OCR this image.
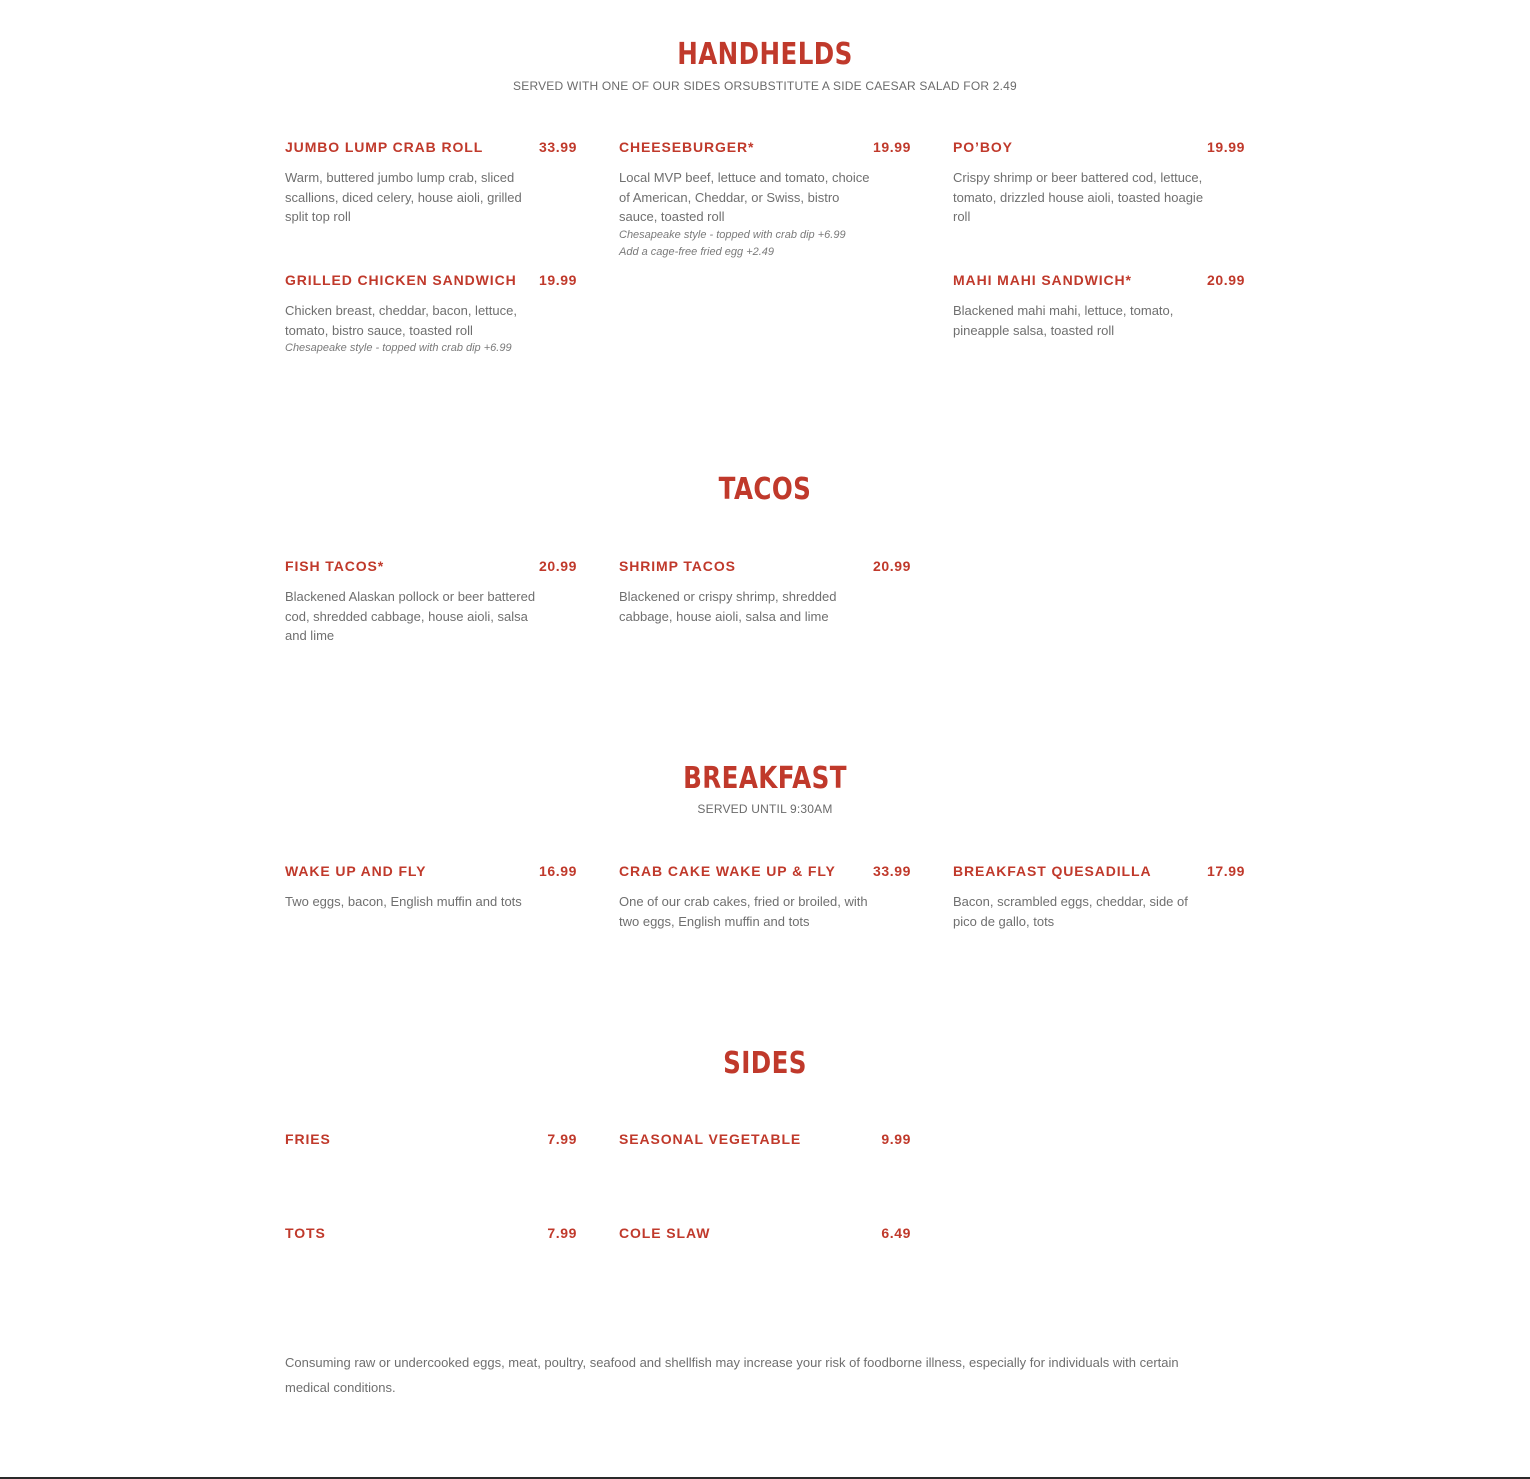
HANDHELDS
SERVED WITH ONE OF OUR SIDES ORSUBSTITUTE A SIDE CAESAR SALAD FOR 2.49
JUMBO LUMP CRAB ROLL	33.99
Warm, buttered jumbo lump crab, sliced scallions, diced celery, house aioli, grilled split top roll
CHEESEBURGER*	19.99
Local MVP beef, lettuce and tomato, choice of American, Cheddar, or Swiss, bistro sauce, toasted roll
Chesapeake style - topped with crab dip +6.99
Add a cage-free fried egg +2.49
PO’BOY	19.99
Crispy shrimp or beer battered cod, lettuce, tomato, drizzled house aioli, toasted hoagie roll
GRILLED CHICKEN SANDWICH 19.99
Chicken breast, cheddar, bacon, lettuce, tomato, bistro sauce, toasted roll
Chesapeake style - topped with crab dip +6.99
MAHI MAHI SANDWICH*	20.99
Blackened mahi mahi, lettuce, tomato, pineapple salsa, toasted roll
TACOS
FISH TACOS*	20.99
Blackened Alaskan pollock or beer battered cod, shredded cabbage, house aioli, salsa and lime
SHRIMP TACOS	20.99
Blackened or crispy shrimp, shredded cabbage, house aioli, salsa and lime
BREAKFAST
SERVED UNTIL 9:30AM
WAKE UP AND FLY	16.99
Two eggs, bacon, English muffin and tots
CRAB CAKE WAKE UP & FLY	33.99
One of our crab cakes, fried or broiled, with two eggs, English muffin and tots
BREAKFAST QUESADILLA	17.99
Bacon, scrambled eggs, cheddar, side of pico de gallo, tots
SIDES
FRIES	7.99	SEASONAL VEGETABLE	9.99
TOTS	7.99	COLE SLAW	6.49
Consuming raw or undercooked eggs, meat, poultry, seafood and shellfish may increase your risk of foodborne illness, especially for individuals with certain medical conditions.
